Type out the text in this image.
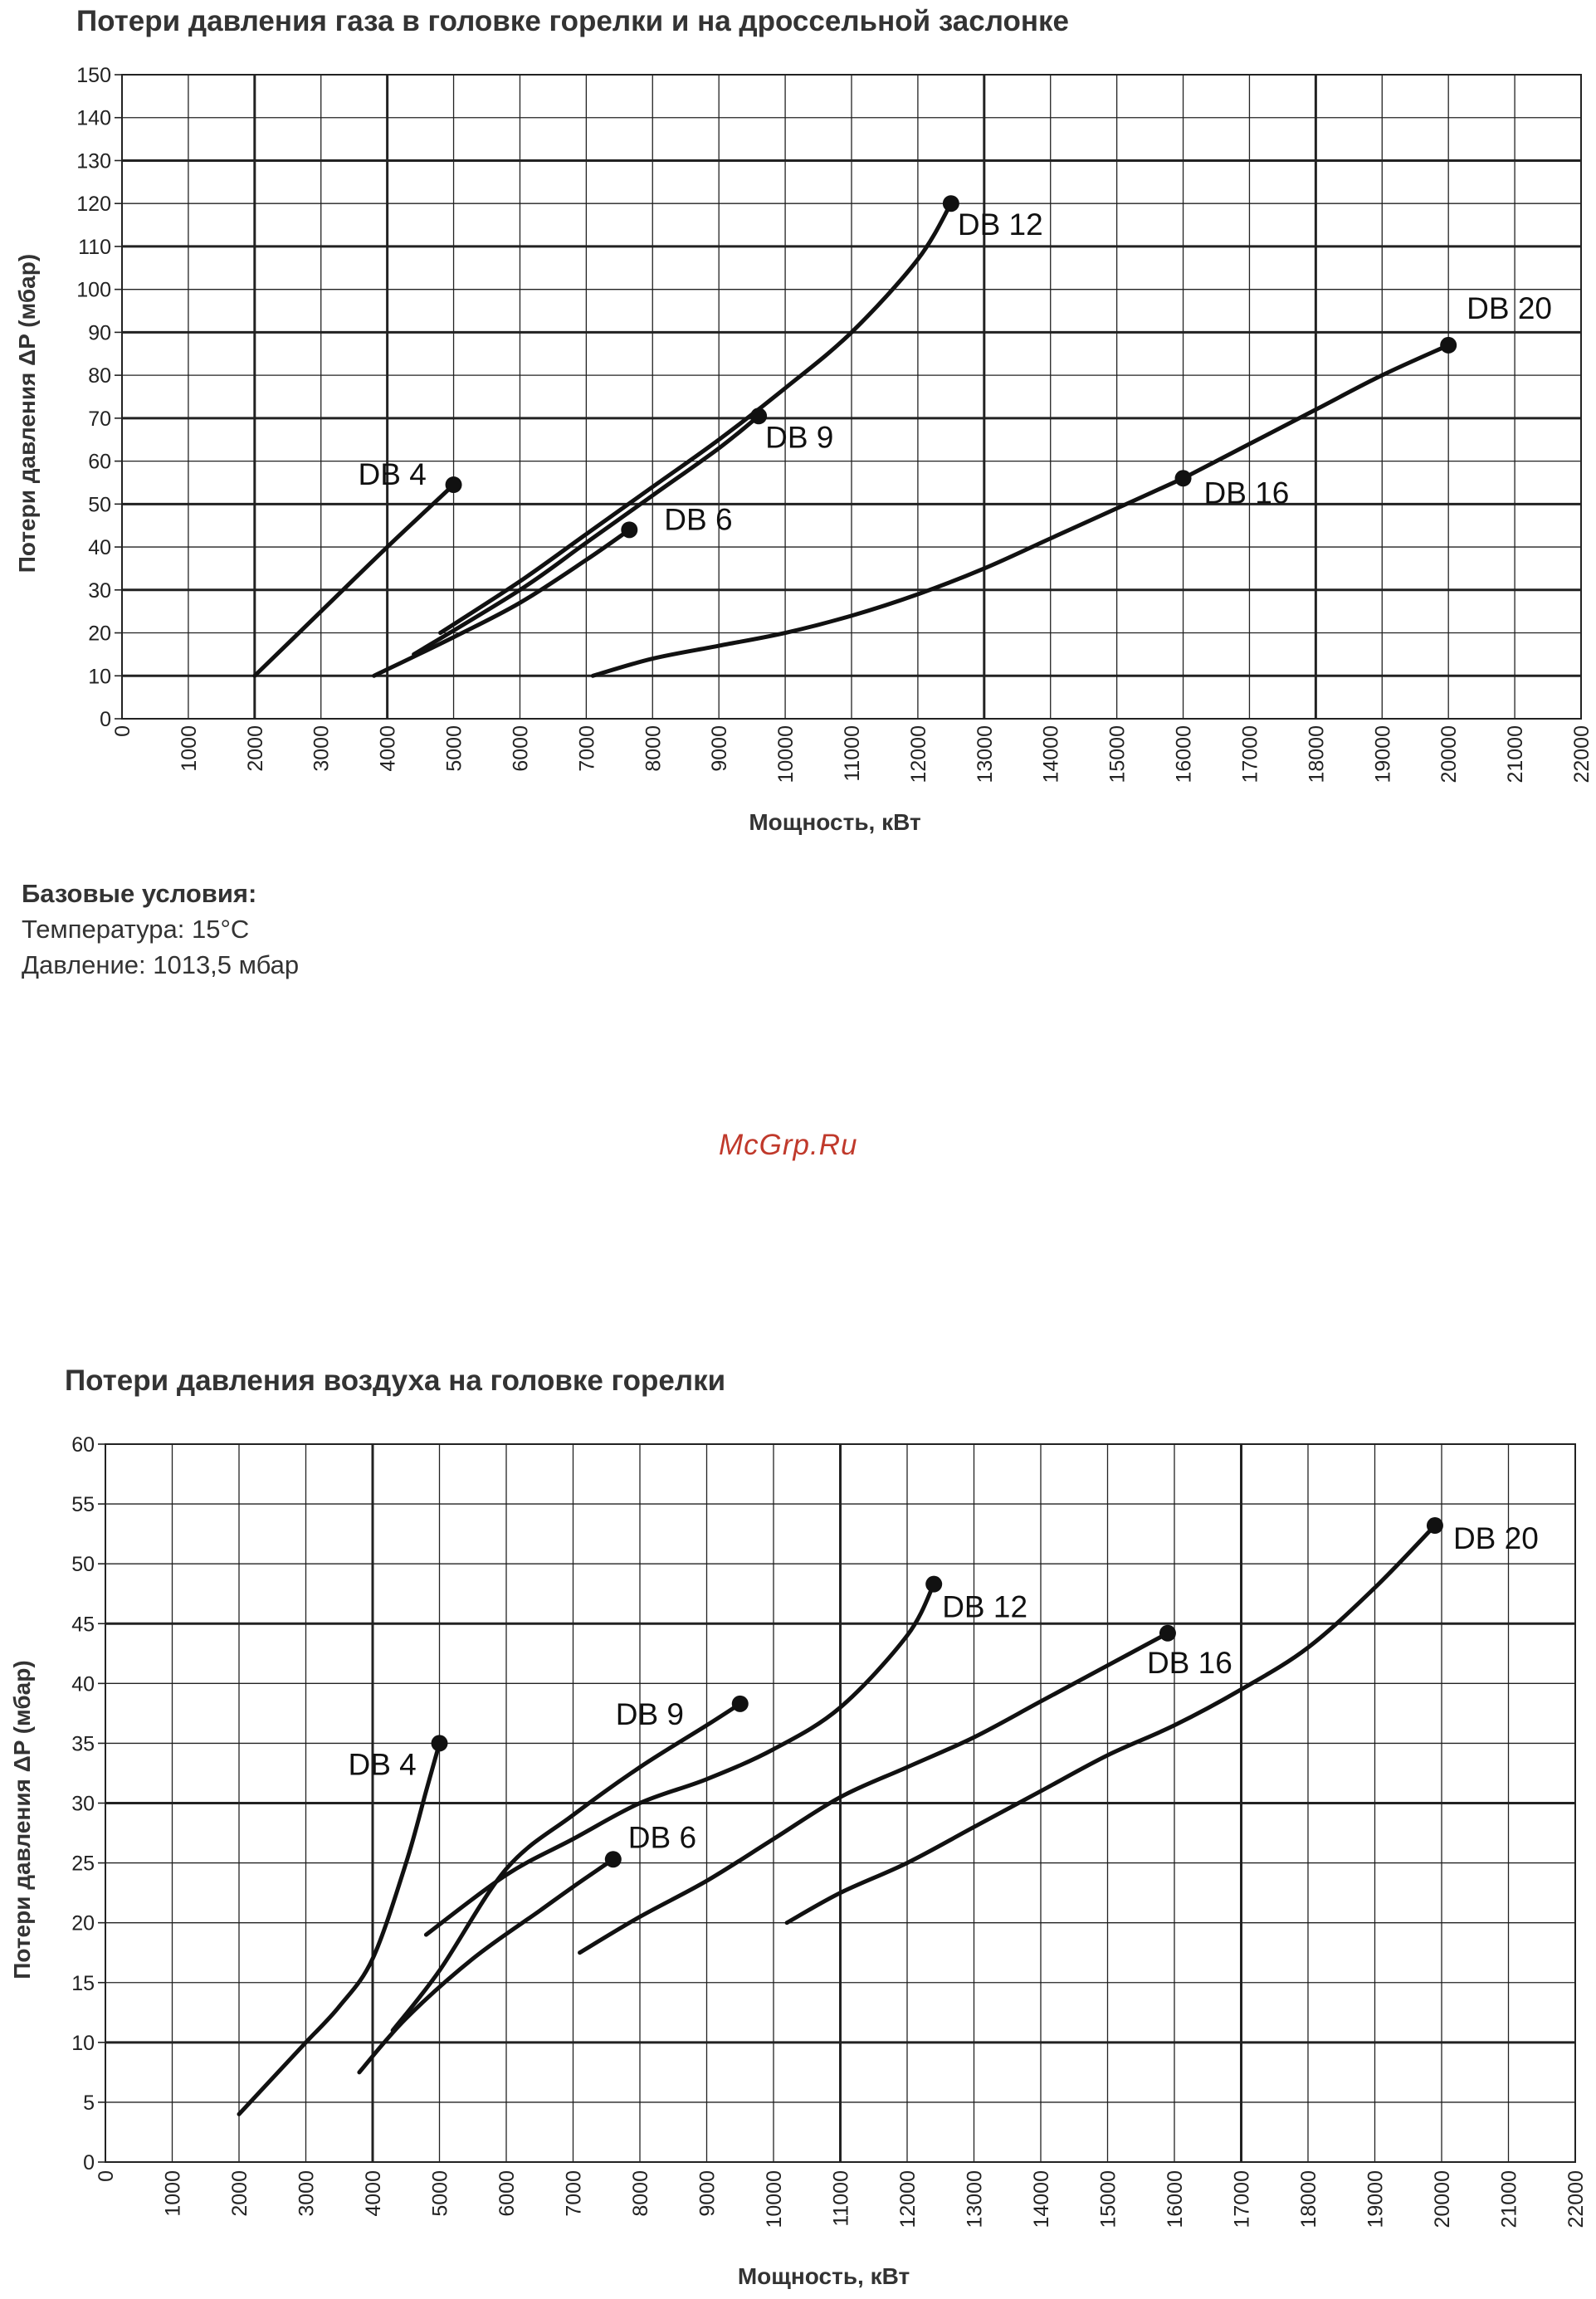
Потери давления газа в головке горелки и на дроссельной заслонке
0
10
20
30
40
50
60
70
80
90
100
110
120
130
140
150
0 1000 2000 3000 4000 5000 6000 7000 8000 9000 10000 11000 12000 13000 14000 15000 16000 17000 18000 19000 20000 21000 22000
Мощность, кВт
Потери давления ΔP (мбар)	DB 4
DB 6
DB 9
DB 12
DB 16
DB 20
Базовые условия:
Температура: 15°C
Давление: 1013,5 мбар
McGrp.Ru
Потери давления воздуха на головке горелки
0
5
10
15
20
25
30
35
40
45
50
55
60
0 1000 2000 3000 4000 5000 6000 7000 8000 9000 10000 11000 12000 13000 14000 15000 16000 17000 18000 19000 20000 21000 22000
Мощность, кВт
Потери давления ΔP (мбар)	DB 4
DB 6
DB 9
DB 12
DB 16
DB 20
